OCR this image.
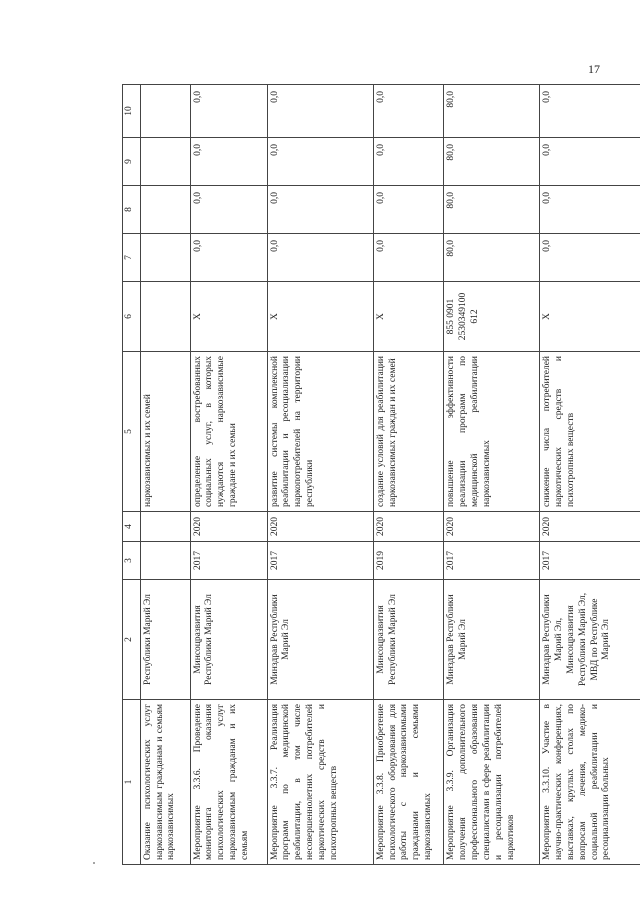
17
1	2	3	4	5	6	7	8	9	10
Оказание психологических услуг наркозависимым гражданам и семьям наркозависимых	Республики Марий Эл			наркозависимых и их семей					
Мероприятие 3.3.6. Проведение мониторинга оказания психологических услуг наркозависимым гражданам и их семьям	Минсоцразвития Республики Марий Эл	2017	2020	определение востребованных социальных услуг, в которых нуждаются наркозависимые граждане и их семьи	X	0,0	0,0	0,0	0,0
Мероприятие 3.3.7. Реализация программ по медицинской реабилитации, в том числе несовершеннолетних потребителей наркотических средств и психотропных веществ	Минздрав Республики Марий Эл	2017	2020	развитие системы комплексной реабилитации и ресоциализации наркопотребителей на территории республики	X	0,0	0,0	0,0	0,0
Мероприятие 3.3.8. Приобретение психологического оборудования для работы с наркозависимыми гражданами и семьями наркозависимых	Минсоцразвития Республики Марий Эл	2019	2020	создание условий для реабилитации наркозависимых граждан и их семей	X	0,0	0,0	0,0	0,0
Мероприятие 3.3.9. Организация получения дополнительного профессионального образования специалистами в сфере реабилитации и ресоциализации потребителей наркотиков	Минздрав Республики Марий Эл	2017	2020	повышение эффективности реализации программ по медицинской реабилитации наркозависимых	855 0901 2530349100 612	80,0	80,0	80,0	80,0
Мероприятие 3.3.10. Участие в научно-практических конференциях, выставках, круглых столах по вопросам лечения, медико-социальной реабилитации и ресоциализации больных	Минздрав Республики Марий Эл, Минсоцразвития Республики Марий Эл, МВД по Республике Марий Эл	2017	2020	снижение числа потребителей наркотических средств и психотропных веществ	X	0,0	0,0	0,0	0,0
